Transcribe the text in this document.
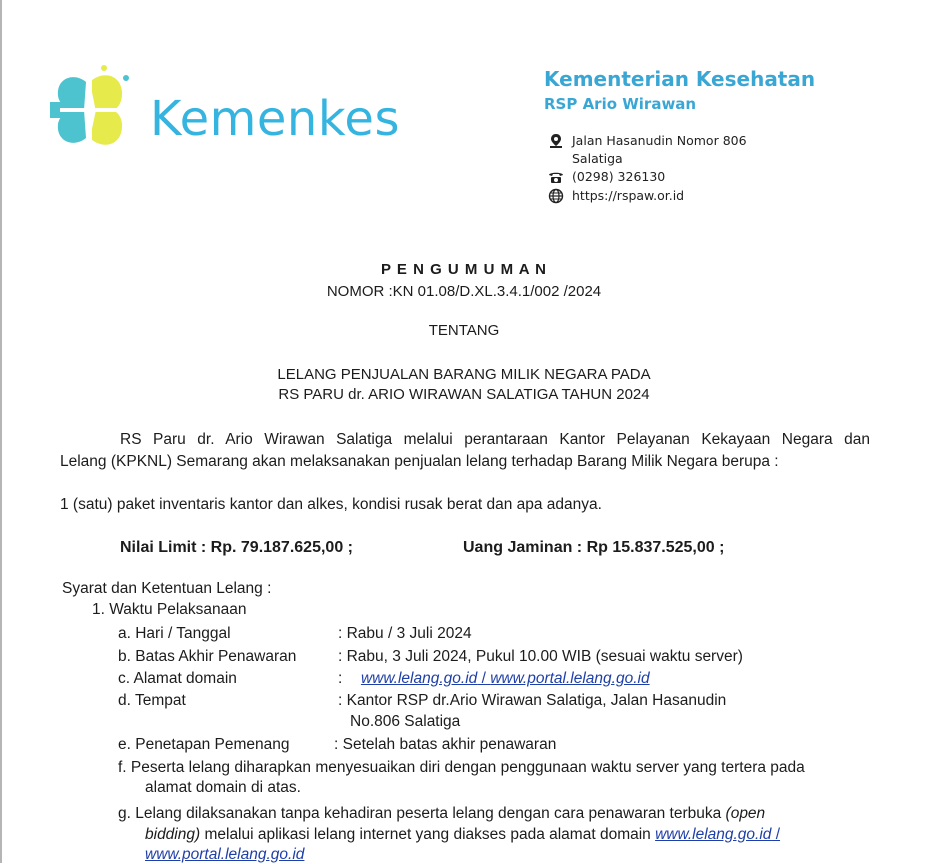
Kemenkes
Kementerian Kesehatan
RSP Ario Wirawan
Jalan Hasanudin Nomor 806
Salatiga
(0298) 326130
https://rspaw.or.id
P E N G U M U M A N
NOMOR :KN 01.08/D.XL.3.4.1/002 /2024
TENTANG
LELANG PENJUALAN BARANG MILIK NEGARA PADA
RS PARU dr. ARIO WIRAWAN SALATIGA TAHUN 2024
RS Paru dr. Ario Wirawan Salatiga melalui perantaraan Kantor Pelayanan Kekayaan Negara dan
Lelang (KPKNL) Semarang akan melaksanakan penjualan lelang terhadap Barang Milik Negara berupa :
1 (satu) paket inventaris kantor dan alkes, kondisi rusak berat dan apa adanya.
Nilai Limit : Rp. 79.187.625,00 ;	Uang Jaminan : Rp 15.837.525,00 ;
Syarat dan Ketentuan Lelang :
1. Waktu Pelaksanaan
a. Hari / Tanggal	: Rabu / 3 Juli 2024
b. Batas Akhir Penawaran	: Rabu, 3 Juli 2024, Pukul 10.00 WIB (sesuai waktu server)
c. Alamat domain	: www.lelang.go.id / www.portal.lelang.go.id
d. Tempat	: Kantor RSP dr.Ario Wirawan Salatiga, Jalan Hasanudin
No.806 Salatiga
e. Penetapan Pemenang	: Setelah batas akhir penawaran
f. Peserta lelang diharapkan menyesuaikan diri dengan penggunaan waktu server yang tertera pada
alamat domain di atas.
g. Lelang dilaksanakan tanpa kehadiran peserta lelang dengan cara penawaran terbuka (open
bidding) melalui aplikasi lelang internet yang diakses pada alamat domain www.lelang.go.id /
www.portal.lelang.go.id
